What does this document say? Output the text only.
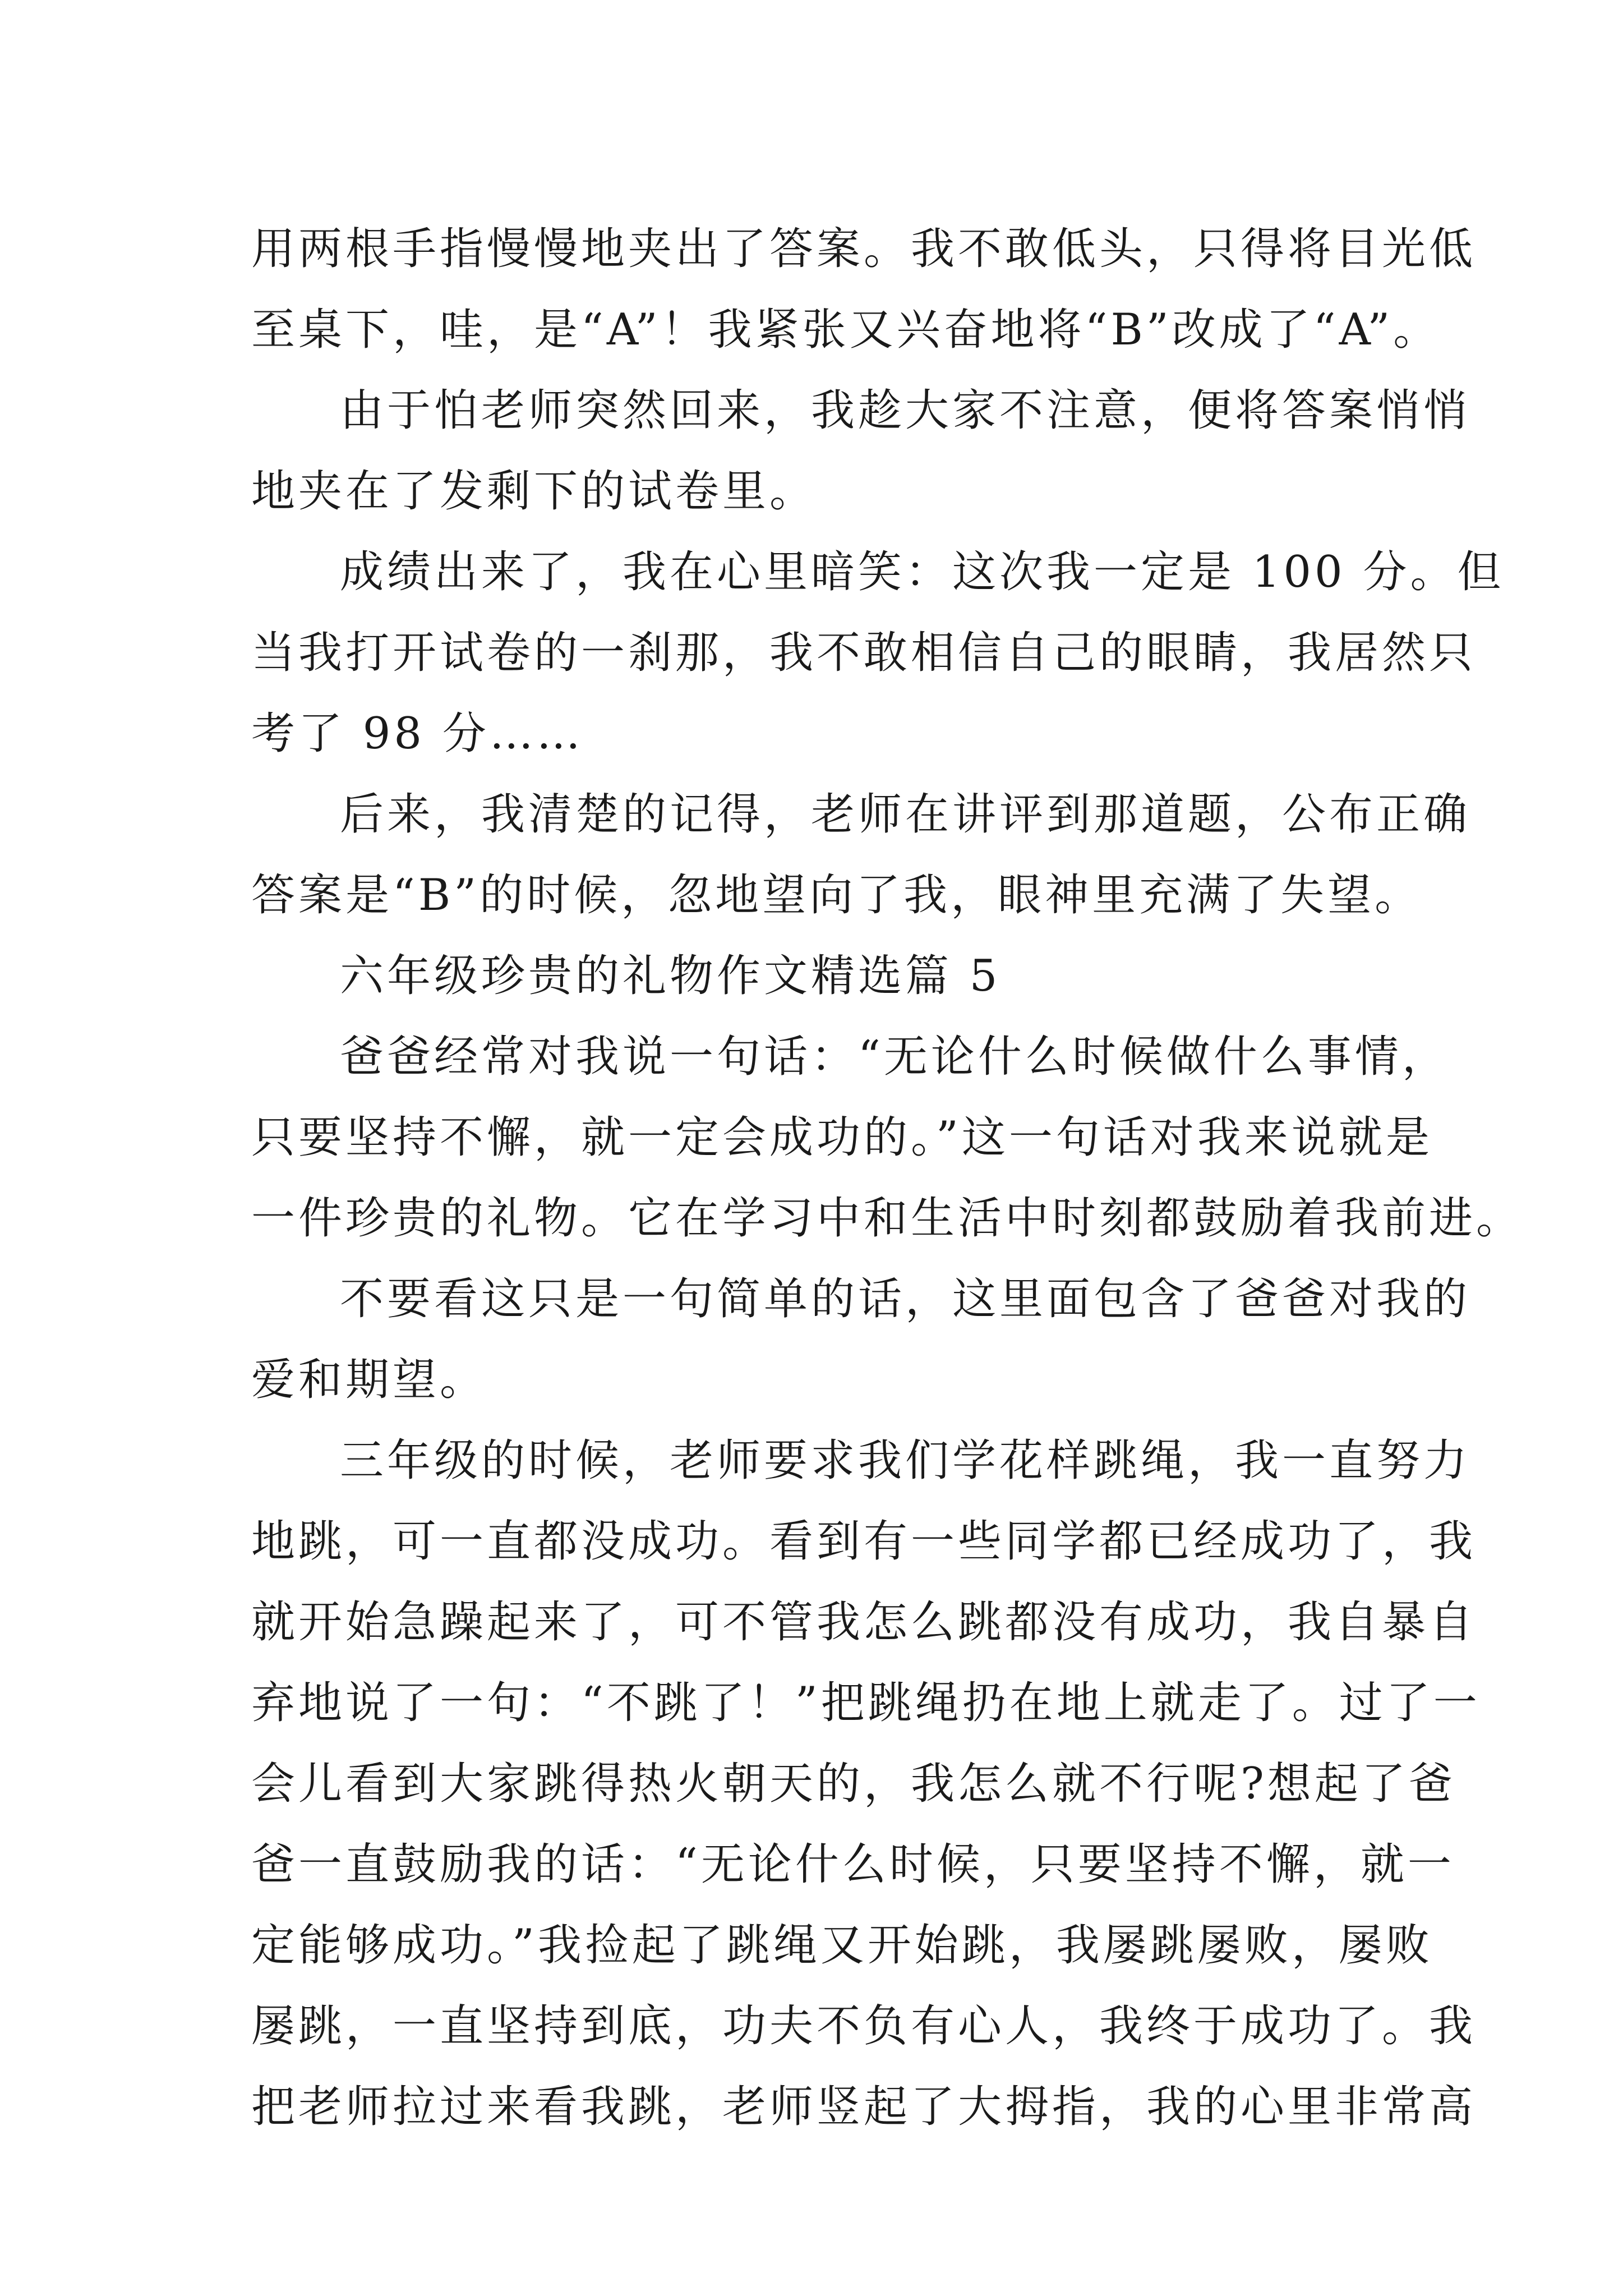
用两根手指慢慢地夹出了答案。我不敢低头，只得将目光低
至桌下，哇，是“A”！我紧张又兴奋地将“B”改成了“A”。
由于怕老师突然回来，我趁大家不注意，便将答案悄悄
地夹在了发剩下的试卷里。
成绩出来了，我在心里暗笑：这次我一定是 100 分。但
当我打开试卷的一刹那，我不敢相信自己的眼睛，我居然只
考了 98 分……
后来，我清楚的记得，老师在讲评到那道题，公布正确
答案是“B”的时候，忽地望向了我，眼神里充满了失望。
六年级珍贵的礼物作文精选篇 5
爸爸经常对我说一句话：“无论什么时候做什么事情，
只要坚持不懈，就一定会成功的。”这一句话对我来说就是
一件珍贵的礼物。它在学习中和生活中时刻都鼓励着我前进。
不要看这只是一句简单的话，这里面包含了爸爸对我的
爱和期望。
三年级的时候，老师要求我们学花样跳绳，我一直努力
地跳，可一直都没成功。看到有一些同学都已经成功了，我
就开始急躁起来了，可不管我怎么跳都没有成功，我自暴自
弃地说了一句：“不跳了！”把跳绳扔在地上就走了。过了一
会儿看到大家跳得热火朝天的，我怎么就不行呢?想起了爸
爸一直鼓励我的话：“无论什么时候，只要坚持不懈，就一
定能够成功。”我捡起了跳绳又开始跳，我屡跳屡败，屡败
屡跳，一直坚持到底，功夫不负有心人，我终于成功了。我
把老师拉过来看我跳，老师竖起了大拇指，我的心里非常高
